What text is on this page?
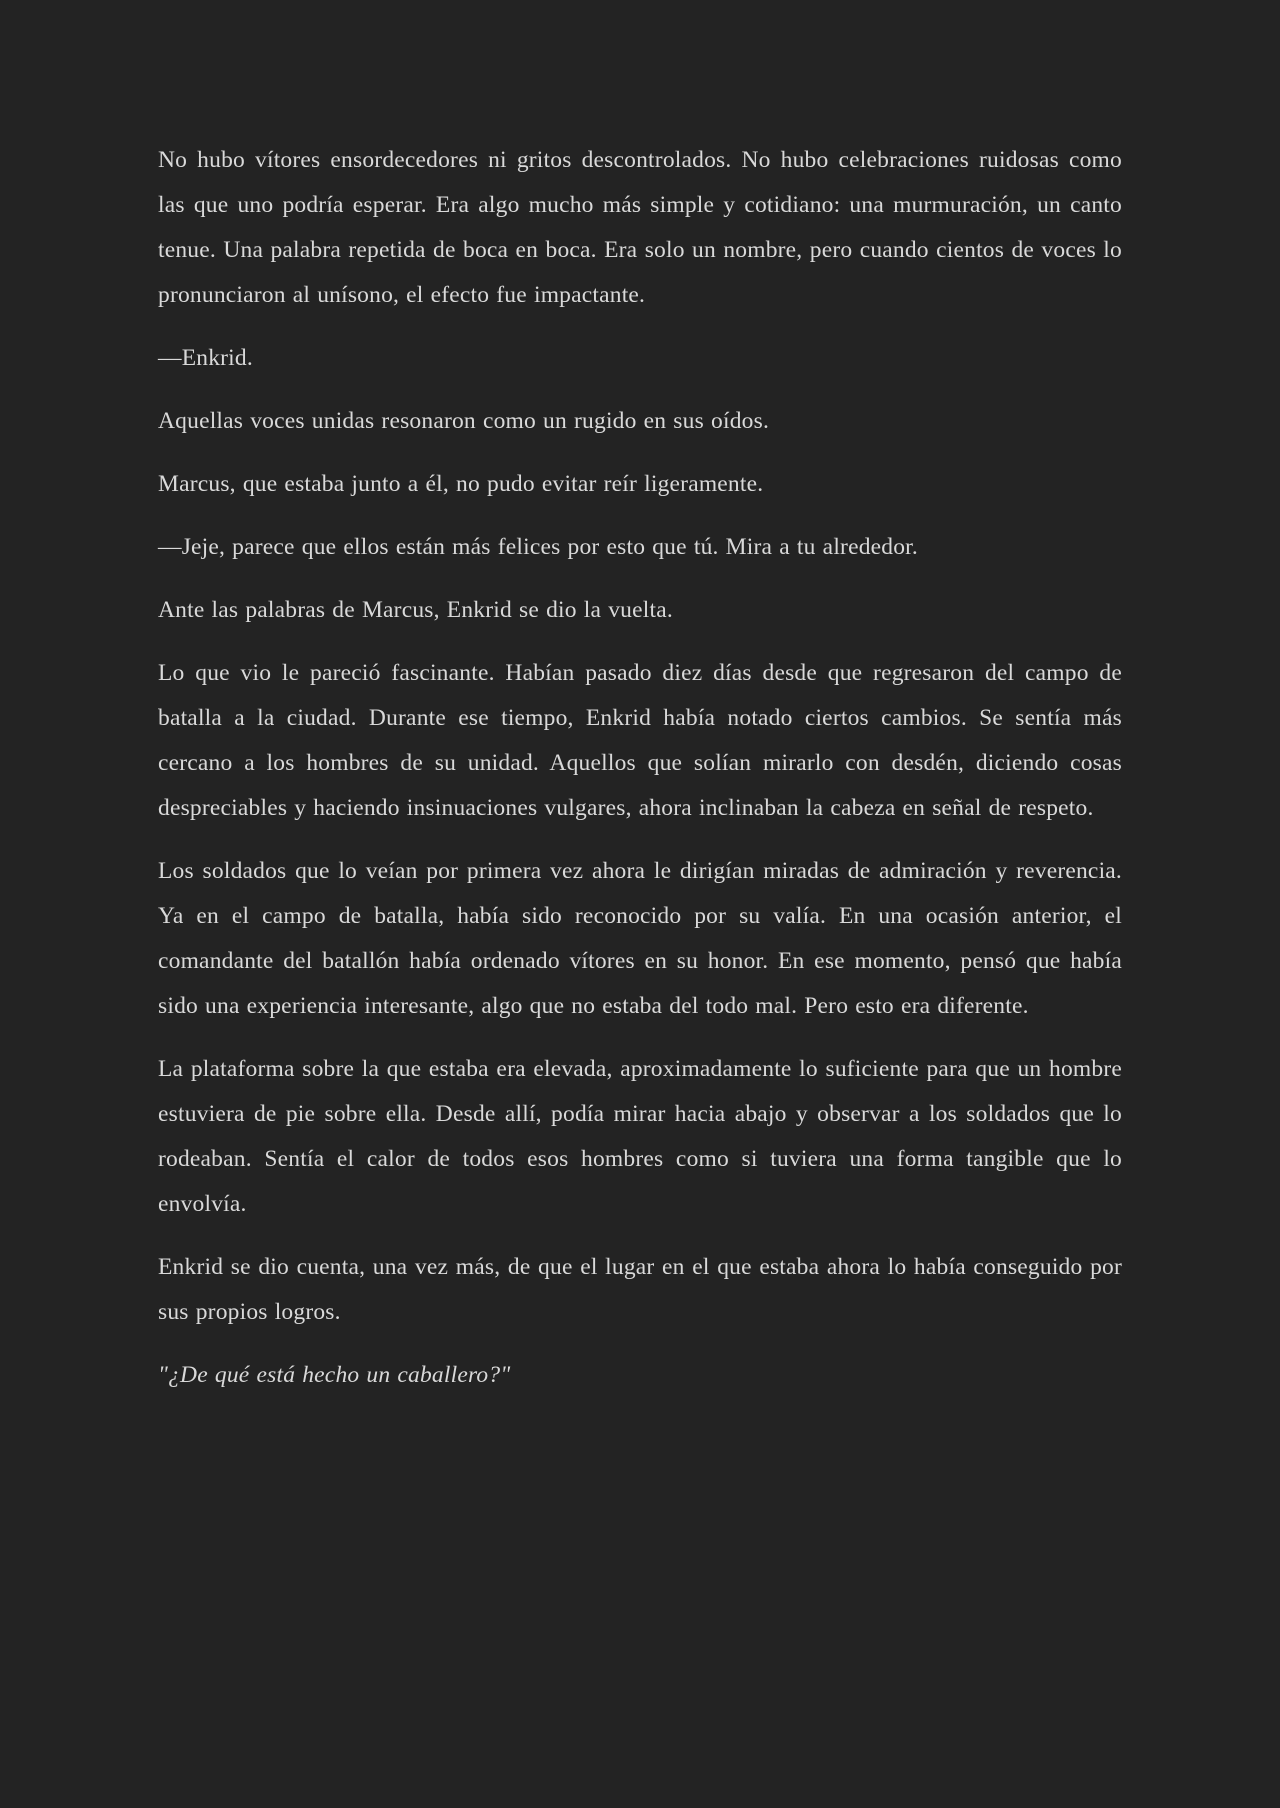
No hubo vítores ensordecedores ni gritos descontrolados. No hubo celebraciones ruidosas como las que uno podría esperar. Era algo mucho más simple y cotidiano: una murmuración, un canto tenue. Una palabra repetida de boca en boca. Era solo un nombre, pero cuando cientos de voces lo pronunciaron al unísono, el efecto fue impactante.

—Enkrid.

Aquellas voces unidas resonaron como un rugido en sus oídos.

Marcus, que estaba junto a él, no pudo evitar reír ligeramente.

—Jeje, parece que ellos están más felices por esto que tú. Mira a tu alrededor.

Ante las palabras de Marcus, Enkrid se dio la vuelta.

Lo que vio le pareció fascinante. Habían pasado diez días desde que regresaron del campo de batalla a la ciudad. Durante ese tiempo, Enkrid había notado ciertos cambios. Se sentía más cercano a los hombres de su unidad. Aquellos que solían mirarlo con desdén, diciendo cosas despreciables y haciendo insinuaciones vulgares, ahora inclinaban la cabeza en señal de respeto.

Los soldados que lo veían por primera vez ahora le dirigían miradas de admiración y reverencia. Ya en el campo de batalla, había sido reconocido por su valía. En una ocasión anterior, el comandante del batallón había ordenado vítores en su honor. En ese momento, pensó que había sido una experiencia interesante, algo que no estaba del todo mal. Pero esto era diferente.

La plataforma sobre la que estaba era elevada, aproximadamente lo suficiente para que un hombre estuviera de pie sobre ella. Desde allí, podía mirar hacia abajo y observar a los soldados que lo rodeaban. Sentía el calor de todos esos hombres como si tuviera una forma tangible que lo envolvía.

Enkrid se dio cuenta, una vez más, de que el lugar en el que estaba ahora lo había conseguido por sus propios logros.

"¿De qué está hecho un caballero?"
